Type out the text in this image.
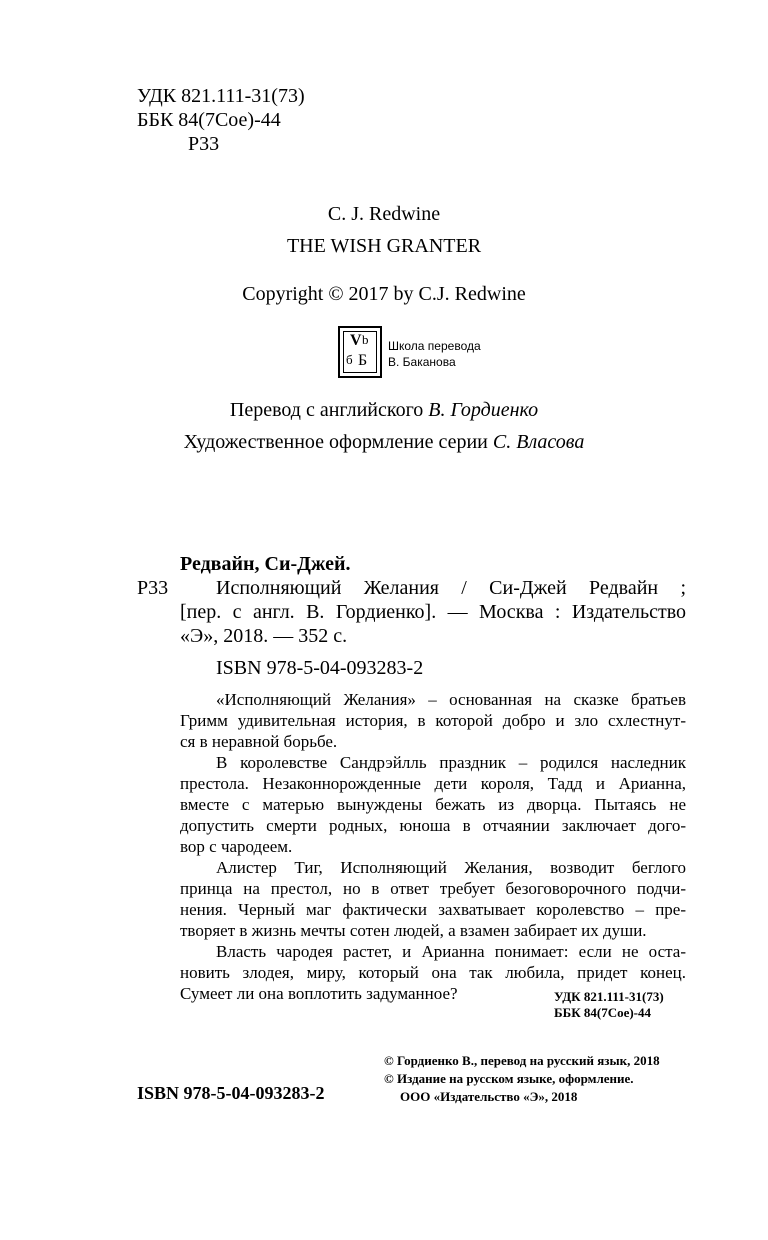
УДК 821.111-31(73)
ББК 84(7Сое)-44
Р33
C. J. Redwine
THE WISH GRANTER
Copyright © 2017 by C.J. Redwine
V b
б Б
Школа перевода
В. Баканова
Перевод с английского В. Гордиенко
Художественное оформление серии С. Власова
Редвайн, Си-Джей.
Р33	Исполняющий Желания / Си-Джей Редвайн ;
[пер. с англ. В. Гордиенко]. — Москва : Издательство
«Э», 2018. — 352 с.
ISBN 978-5-04-093283-2

«Исполняющий Желания» – основанная на сказке братьев
Гримм удивительная история, в которой добро и зло схлестнут-
ся в неравной борьбе.

В королевстве Сандрэйлль праздник – родился наследник
престола. Незаконнорожденные дети короля, Тадд и Арианна,
вместе с матерью вынуждены бежать из дворца. Пытаясь не
допустить смерти родных, юноша в отчаянии заключает дого-
вор с чародеем.

Алистер Тиг, Исполняющий Желания, возводит беглого
принца на престол, но в ответ требует безоговорочного подчи-
нения. Черный маг фактически захватывает королевство – пре-
творяет в жизнь мечты сотен людей, а взамен забирает их души.

Власть чародея растет, и Арианна понимает: если не оста-
новить злодея, миру, который она так любила, придет конец.
Сумеет ли она воплотить задуманное?	УДК 821.111-31(73)
ББК 84(7Сое)-44
© Гордиенко В., перевод на русский язык, 2018
© Издание на русском языке, оформление.
ООО «Издательство «Э», 2018
ISBN 978-5-04-093283-2
